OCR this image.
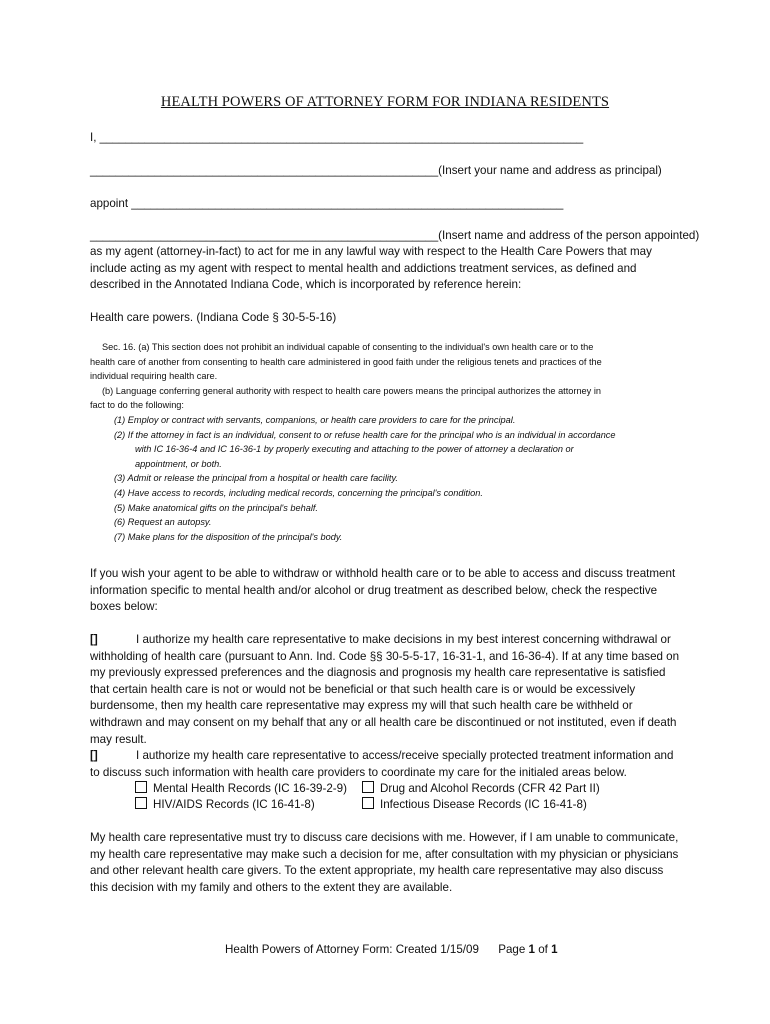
HEALTH POWERS OF ATTORNEY FORM FOR INDIANA RESIDENTS
I, ___________________________________________________________________________
______________________________________________________(Insert your name and address as principal)
appoint ___________________________________________________________________
______________________________________________________(Insert name and address of the person appointed)
as my agent (attorney-in-fact) to act for me in any lawful way with respect to the Health Care Powers that may include acting as my agent with respect to mental health and addictions treatment services, as defined and described in the Annotated Indiana Code, which is incorporated by reference herein:
Health care powers. (Indiana Code § 30-5-5-16)
Sec. 16. (a) This section does not prohibit an individual capable of consenting to the individual's own health care or to the
health care of another from consenting to health care administered in good faith under the religious tenets and practices of the
individual requiring health care.
(b) Language conferring general authority with respect to health care powers means the principal authorizes the attorney in
fact to do the following:
(1) Employ or contract with servants, companions, or health care providers to care for the principal.
(2) If the attorney in fact is an individual, consent to or refuse health care for the principal who is an individual in accordance
with IC 16-36-4 and IC 16-36-1 by properly executing and attaching to the power of attorney a declaration or
appointment, or both.
(3) Admit or release the principal from a hospital or health care facility.
(4) Have access to records, including medical records, concerning the principal's condition.
(5) Make anatomical gifts on the principal's behalf.
(6) Request an autopsy.
(7) Make plans for the disposition of the principal's body.
If you wish your agent to be able to withdraw or withhold health care or to be able to access and discuss treatment information specific to mental health and/or alcohol or drug treatment as described below, check the respective boxes below:
[]	I authorize my health care representative to make decisions in my best interest concerning withdrawal or withholding of health care (pursuant to Ann. Ind. Code §§ 30-5-5-17, 16-31-1, and 16-36-4). If at any time based on my previously expressed preferences and the diagnosis and prognosis my health care representative is satisfied that certain health care is not or would not be beneficial or that such health care is or would be excessively burdensome, then my health care representative may express my will that such health care be withheld or withdrawn and may consent on my behalf that any or all health care be discontinued or not instituted, even if death may result.
[]	I authorize my health care representative to access/receive specially protected treatment information and to discuss such information with health care providers to coordinate my care for the initialed areas below.
Mental Health Records (IC 16-39-2-9)	Drug and Alcohol Records (CFR 42 Part II)
HIV/AIDS Records (IC 16-41-8)	Infectious Disease Records (IC 16-41-8)
My health care representative must try to discuss care decisions with me. However, if I am unable to communicate, my health care representative may make such a decision for me, after consultation with my physician or physicians and other relevant health care givers. To the extent appropriate, my health care representative may also discuss this decision with my family and others to the extent they are available.
Health Powers of Attorney Form: Created 1/15/09 Page 1 of 1
